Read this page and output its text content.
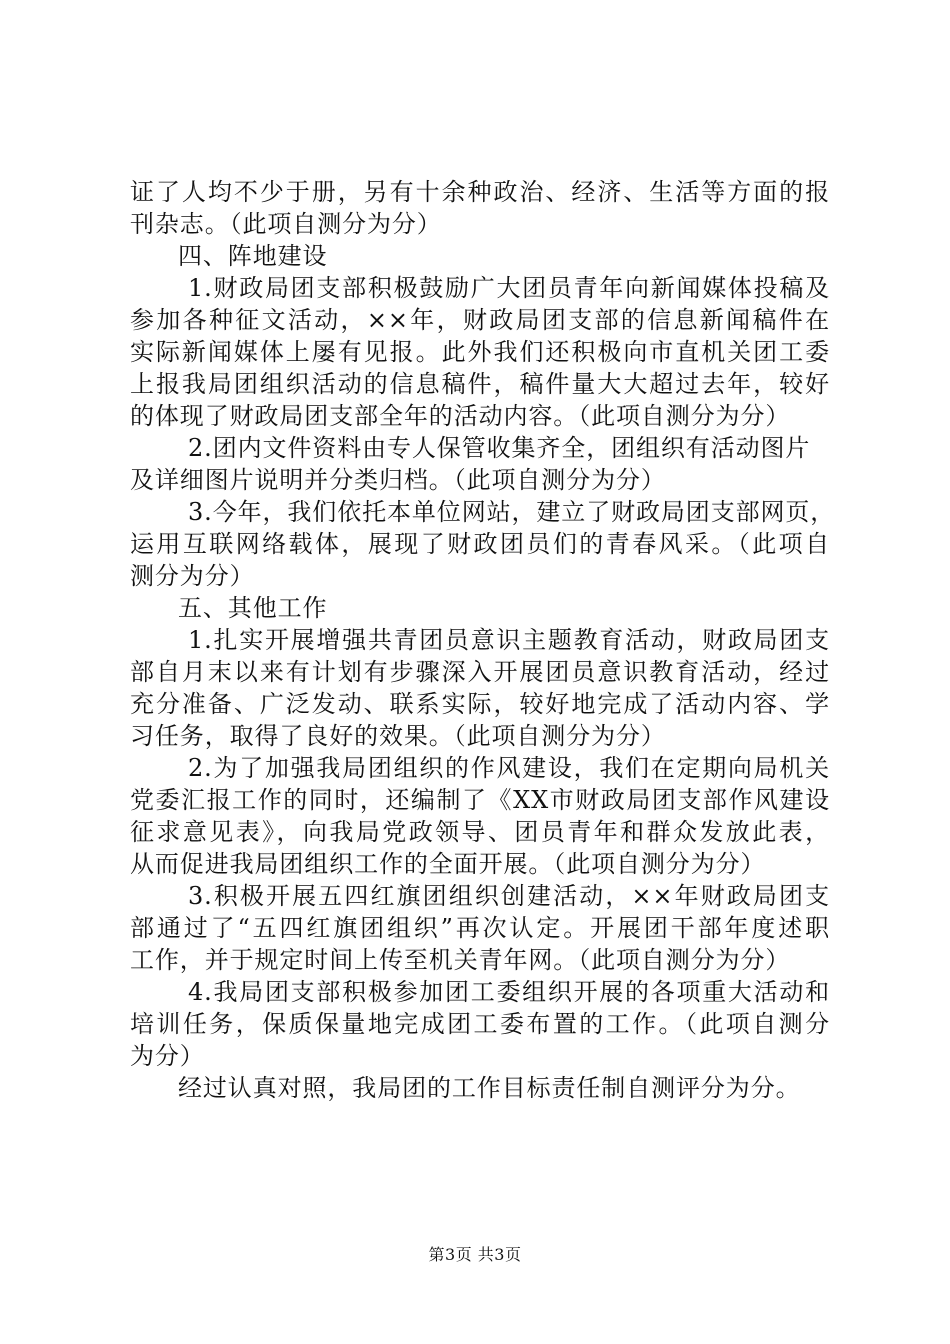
证了人均不少于册，另有十余种政治、经济、生活等方面的报
刊杂志。（此项自测分为分）
四、阵地建设
1.财政局团支部积极鼓励广大团员青年向新闻媒体投稿及
参加各种征文活动，××年，财政局团支部的信息新闻稿件在
实际新闻媒体上屡有见报。此外我们还积极向市直机关团工委
上报我局团组织活动的信息稿件，稿件量大大超过去年，较好
的体现了财政局团支部全年的活动内容。（此项自测分为分）
2.团内文件资料由专人保管收集齐全，团组织有活动图片
及详细图片说明并分类归档。（此项自测分为分）
3.今年，我们依托本单位网站，建立了财政局团支部网页，
运用互联网络载体，展现了财政团员们的青春风采。（此项自
测分为分）
五、其他工作
1.扎实开展增强共青团员意识主题教育活动，财政局团支
部自月末以来有计划有步骤深入开展团员意识教育活动，经过
充分准备、广泛发动、联系实际，较好地完成了活动内容、学
习任务，取得了良好的效果。（此项自测分为分）
2.为了加强我局团组织的作风建设，我们在定期向局机关
党委汇报工作的同时，还编制了《XX市财政局团支部作风建设
征求意见表》，向我局党政领导、团员青年和群众发放此表，
从而促进我局团组织工作的全面开展。（此项自测分为分）
3.积极开展五四红旗团组织创建活动，××年财政局团支
部通过了“五四红旗团组织”再次认定。开展团干部年度述职
工作，并于规定时间上传至机关青年网。（此项自测分为分）
4.我局团支部积极参加团工委组织开展的各项重大活动和
培训任务，保质保量地完成团工委布置的工作。（此项自测分
为分）
经过认真对照，我局团的工作目标责任制自测评分为分。
第3页 共3页
